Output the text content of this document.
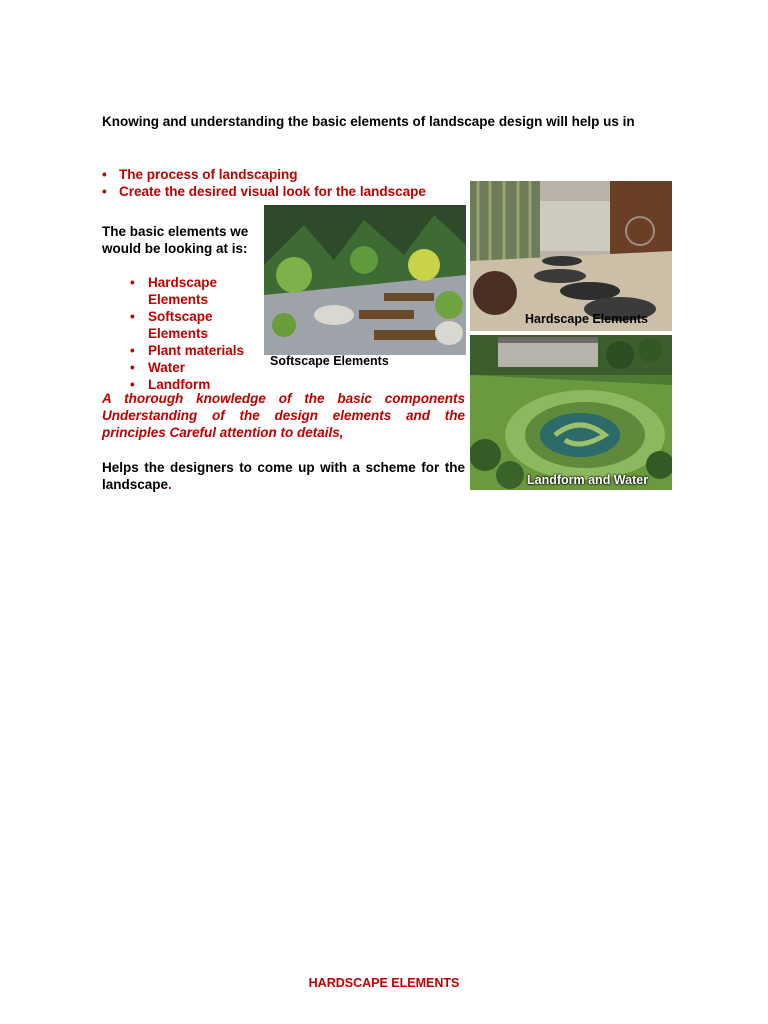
Knowing and understanding the basic elements of landscape design will help us in
• The process of landscaping
• Create the desired visual look for the landscape
The basic elements we would be looking at is:
• Hardscape Elements
• Softscape Elements
• Plant materials
• Water
• Landform
Softscape Elements
Hardscape Elements
Landform and Water
A thorough knowledge of the basic components Understanding of the design elements and the principles Careful attention to details,
Helps the designers to come up with a scheme for the landscape.
HARDSCAPE ELEMENTS
